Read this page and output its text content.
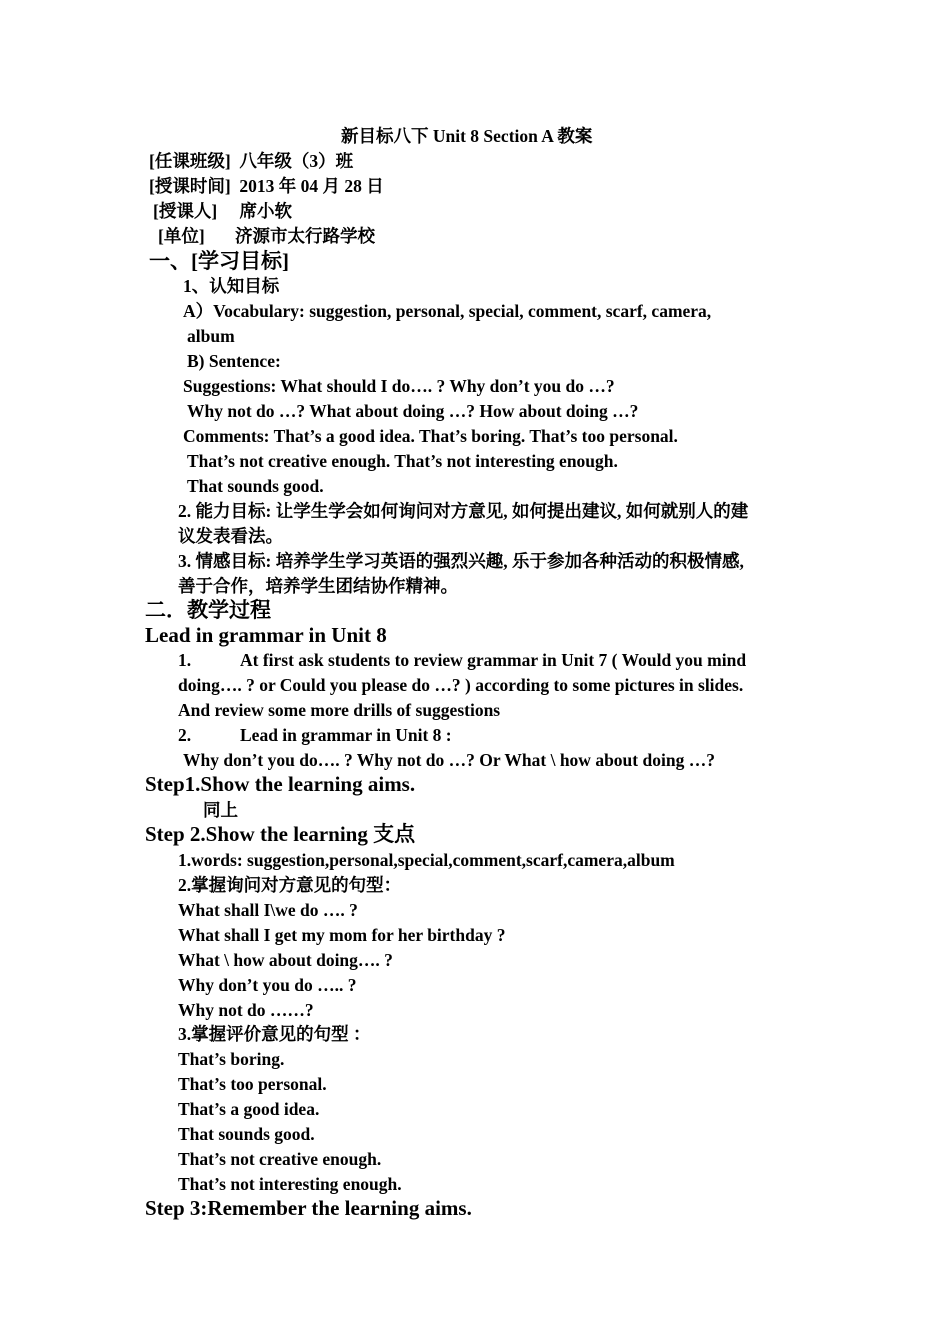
新目标八下 Unit 8 Section A 教案
[任课班级] 八年级（3）班
[授课时间] 2013 年 04 月 28 日
[授课人] 席小软
[单位] 济源市太行路学校
一、[学习目标]
1、认知目标
A）Vocabulary: suggestion, personal, special, comment, scarf, camera,
album
B) Sentence:
Suggestions: What should I do…. ? Why don’t you do …?
Why not do …? What about doing …? How about doing …?
Comments: That’s a good idea. That’s boring. That’s too personal.
That’s not creative enough. That’s not interesting enough.
That sounds good.
2. 能力目标: 让学生学会如何询问对方意见, 如何提出建议, 如何就别人的建
议发表看法。
3. 情感目标: 培养学生学习英语的强烈兴趣, 乐于参加各种活动的积极情感,
善于合作，培养学生团结协作精神。
二．教学过程
Lead in grammar in Unit 8
1.	At first ask students to review grammar in Unit 7 ( Would you mind
doing…. ? or Could you please do …? ) according to some pictures in slides.
And review some more drills of suggestions
2.	Lead in grammar in Unit 8 :
Why don’t you do…. ? Why not do …? Or What \ how about doing …?
Step1.Show the learning aims.
同上
Step 2.Show the learning 支点
1.words: suggestion,personal,special,comment,scarf,camera,album
2.掌握询问对方意见的句型：
What shall I\we do …. ?
What shall I get my mom for her birthday ?
What \ how about doing…. ?
Why don’t you do ….. ?
Why not do ……?
3.掌握评价意见的句型 ：
That’s boring.
That’s too personal.
That’s a good idea.
That sounds good.
That’s not creative enough.
That’s not interesting enough.
Step 3:Remember the learning aims.
